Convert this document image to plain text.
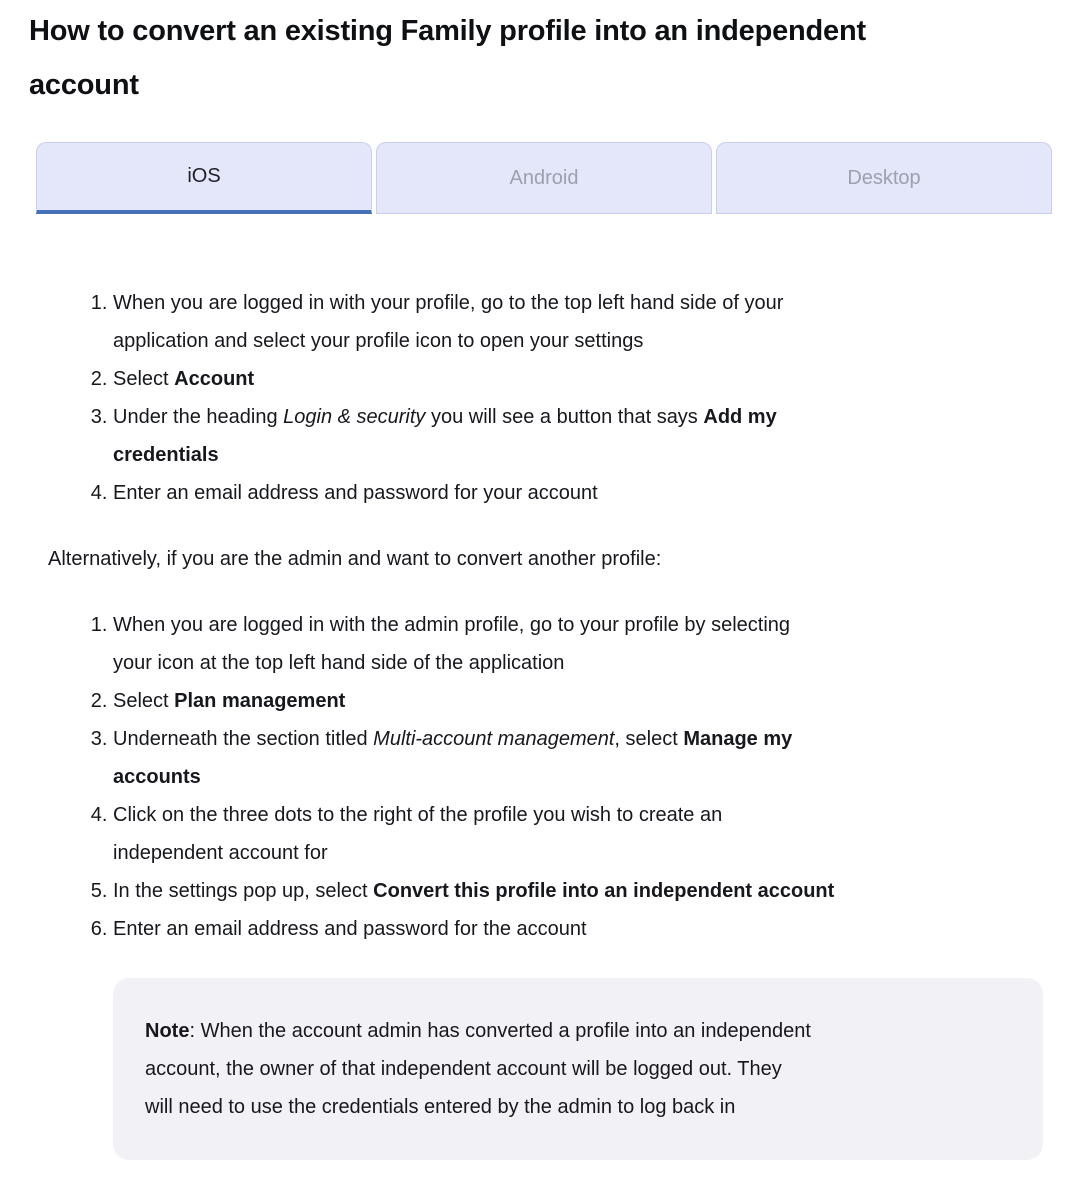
How to convert an existing Family profile into an independent
account
iOS	Android	Desktop
1. When you are logged in with your profile, go to the top left hand side of your
application and select your profile icon to open your settings
2. Select Account
3. Under the heading Login & security you will see a button that says Add my
credentials
4. Enter an email address and password for your account

Alternatively, if you are the admin and want to convert another profile:

1. When you are logged in with the admin profile, go to your profile by selecting
your icon at the top left hand side of the application
2. Select Plan management
3. Underneath the section titled Multi-account management, select Manage my
accounts
4. Click on the three dots to the right of the profile you wish to create an
independent account for
5. In the settings pop up, select Convert this profile into an independent account
6. Enter an email address and password for the account
Note: When the account admin has converted a profile into an independent
account, the owner of that independent account will be logged out. They
will need to use the credentials entered by the admin to log back in
